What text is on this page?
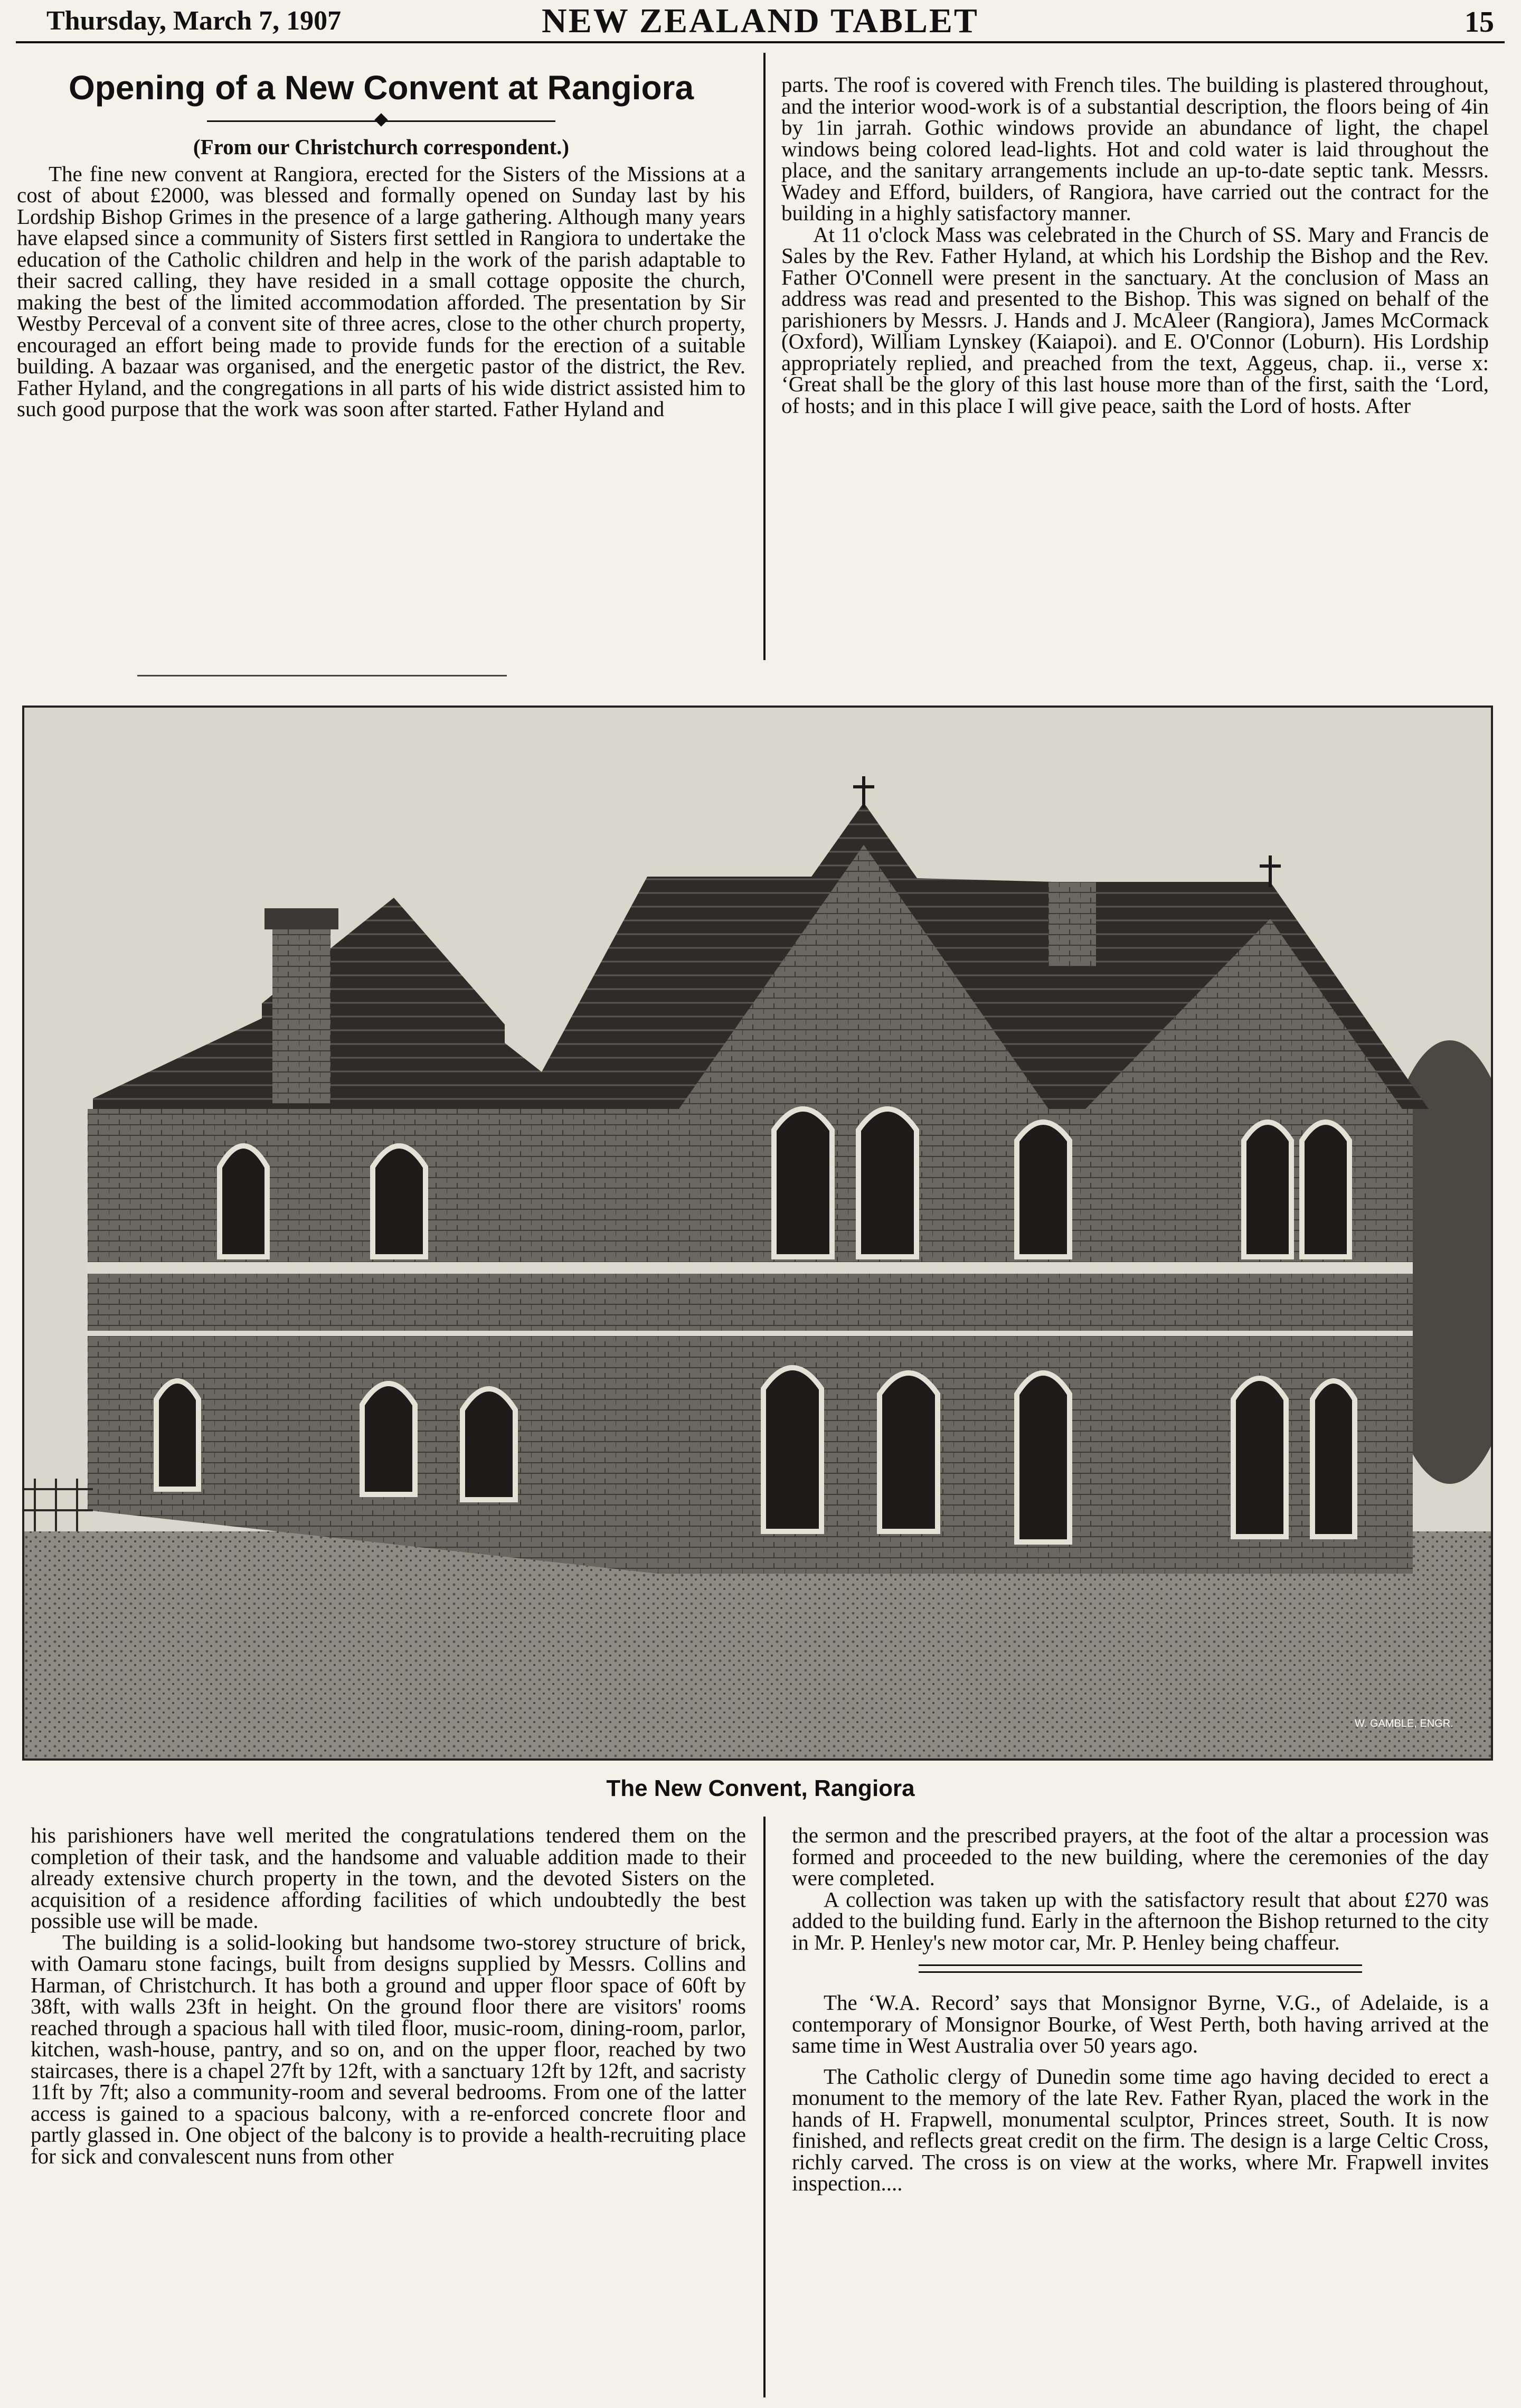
Thursday, March 7, 1907	NEW ZEALAND TABLET	15
Opening of a New Convent at Rangiora
(From our Christchurch correspondent.)

The fine new convent at Rangiora, erected for the Sisters of the Missions at a cost of about £2000, was blessed and formally opened on Sunday last by his Lordship Bishop Grimes in the presence of a large gathering. Although many years have elapsed since a community of Sisters first settled in Rangiora to undertake the education of the Catholic children and help in the work of the parish adaptable to their sacred calling, they have resided in a small cottage opposite the church, making the best of the limited accommodation afforded. The presentation by Sir Westby Perceval of a convent site of three acres, close to the other church property, encouraged an effort being made to provide funds for the erection of a suitable building. A bazaar was organised, and the energetic pastor of the district, the Rev. Father Hyland, and the congregations in all parts of his wide district assisted him to such good purpose that the work was soon after started. Father Hyland and

parts. The roof is covered with French tiles. The building is plastered throughout, and the interior wood-work is of a substantial description, the floors being of 4in by 1in jarrah. Gothic windows provide an abundance of light, the chapel windows being colored lead-lights. Hot and cold water is laid throughout the place, and the sanitary arrangements include an up-to-date septic tank. Messrs. Wadey and Efford, builders, of Rangiora, have carried out the contract for the building in a highly satisfactory manner.

At 11 o'clock Mass was celebrated in the Church of SS. Mary and Francis de Sales by the Rev. Father Hyland, at which his Lordship the Bishop and the Rev. Father O'Connell were present in the sanctuary. At the conclusion of Mass an address was read and presented to the Bishop. This was signed on behalf of the parishioners by Messrs. J. Hands and J. McAleer (Rangiora), James McCormack (Oxford), William Lynskey (Kaiapoi). and E. O'Connor (Loburn). His Lordship appropriately replied, and preached from the text, Aggeus, chap. ii., verse x: ‘Great shall be the glory of this last house more than of the first, saith the ‘Lord, of hosts; and in this place I will give peace, saith the Lord of hosts. After

W. GAMBLE, ENGR.
The New Convent, Rangiora

his parishioners have well merited the congratulations tendered them on the completion of their task, and the handsome and valuable addition made to their already extensive church property in the town, and the devoted Sisters on the acquisition of a residence affording facilities of which undoubtedly the best possible use will be made.

The building is a solid-looking but handsome two-storey structure of brick, with Oamaru stone facings, built from designs supplied by Messrs. Collins and Harman, of Christchurch. It has both a ground and upper floor space of 60ft by 38ft, with walls 23ft in height. On the ground floor there are visitors' rooms reached through a spacious hall with tiled floor, music-room, dining-room, parlor, kitchen, wash-house, pantry, and so on, and on the upper floor, reached by two staircases, there is a chapel 27ft by 12ft, with a sanctuary 12ft by 12ft, and sacristy 11ft by 7ft; also a community-room and several bedrooms. From one of the latter access is gained to a spacious balcony, with a re-enforced concrete floor and partly glassed in. One object of the balcony is to provide a health-recruiting place for sick and convalescent nuns from other

the sermon and the prescribed prayers, at the foot of the altar a procession was formed and proceeded to the new building, where the ceremonies of the day were completed.

A collection was taken up with the satisfactory result that about £270 was added to the building fund. Early in the afternoon the Bishop returned to the city in Mr. P. Henley's new motor car, Mr. P. Henley being chaffeur.

The ‘W.A. Record’ says that Monsignor Byrne, V.G., of Adelaide, is a contemporary of Monsignor Bourke, of West Perth, both having arrived at the same time in West Australia over 50 years ago.

The Catholic clergy of Dunedin some time ago having decided to erect a monument to the memory of the late Rev. Father Ryan, placed the work in the hands of H. Frapwell, monumental sculptor, Princes street, South. It is now finished, and reflects great credit on the firm. The design is a large Celtic Cross, richly carved. The cross is on view at the works, where Mr. Frapwell invites inspection....
